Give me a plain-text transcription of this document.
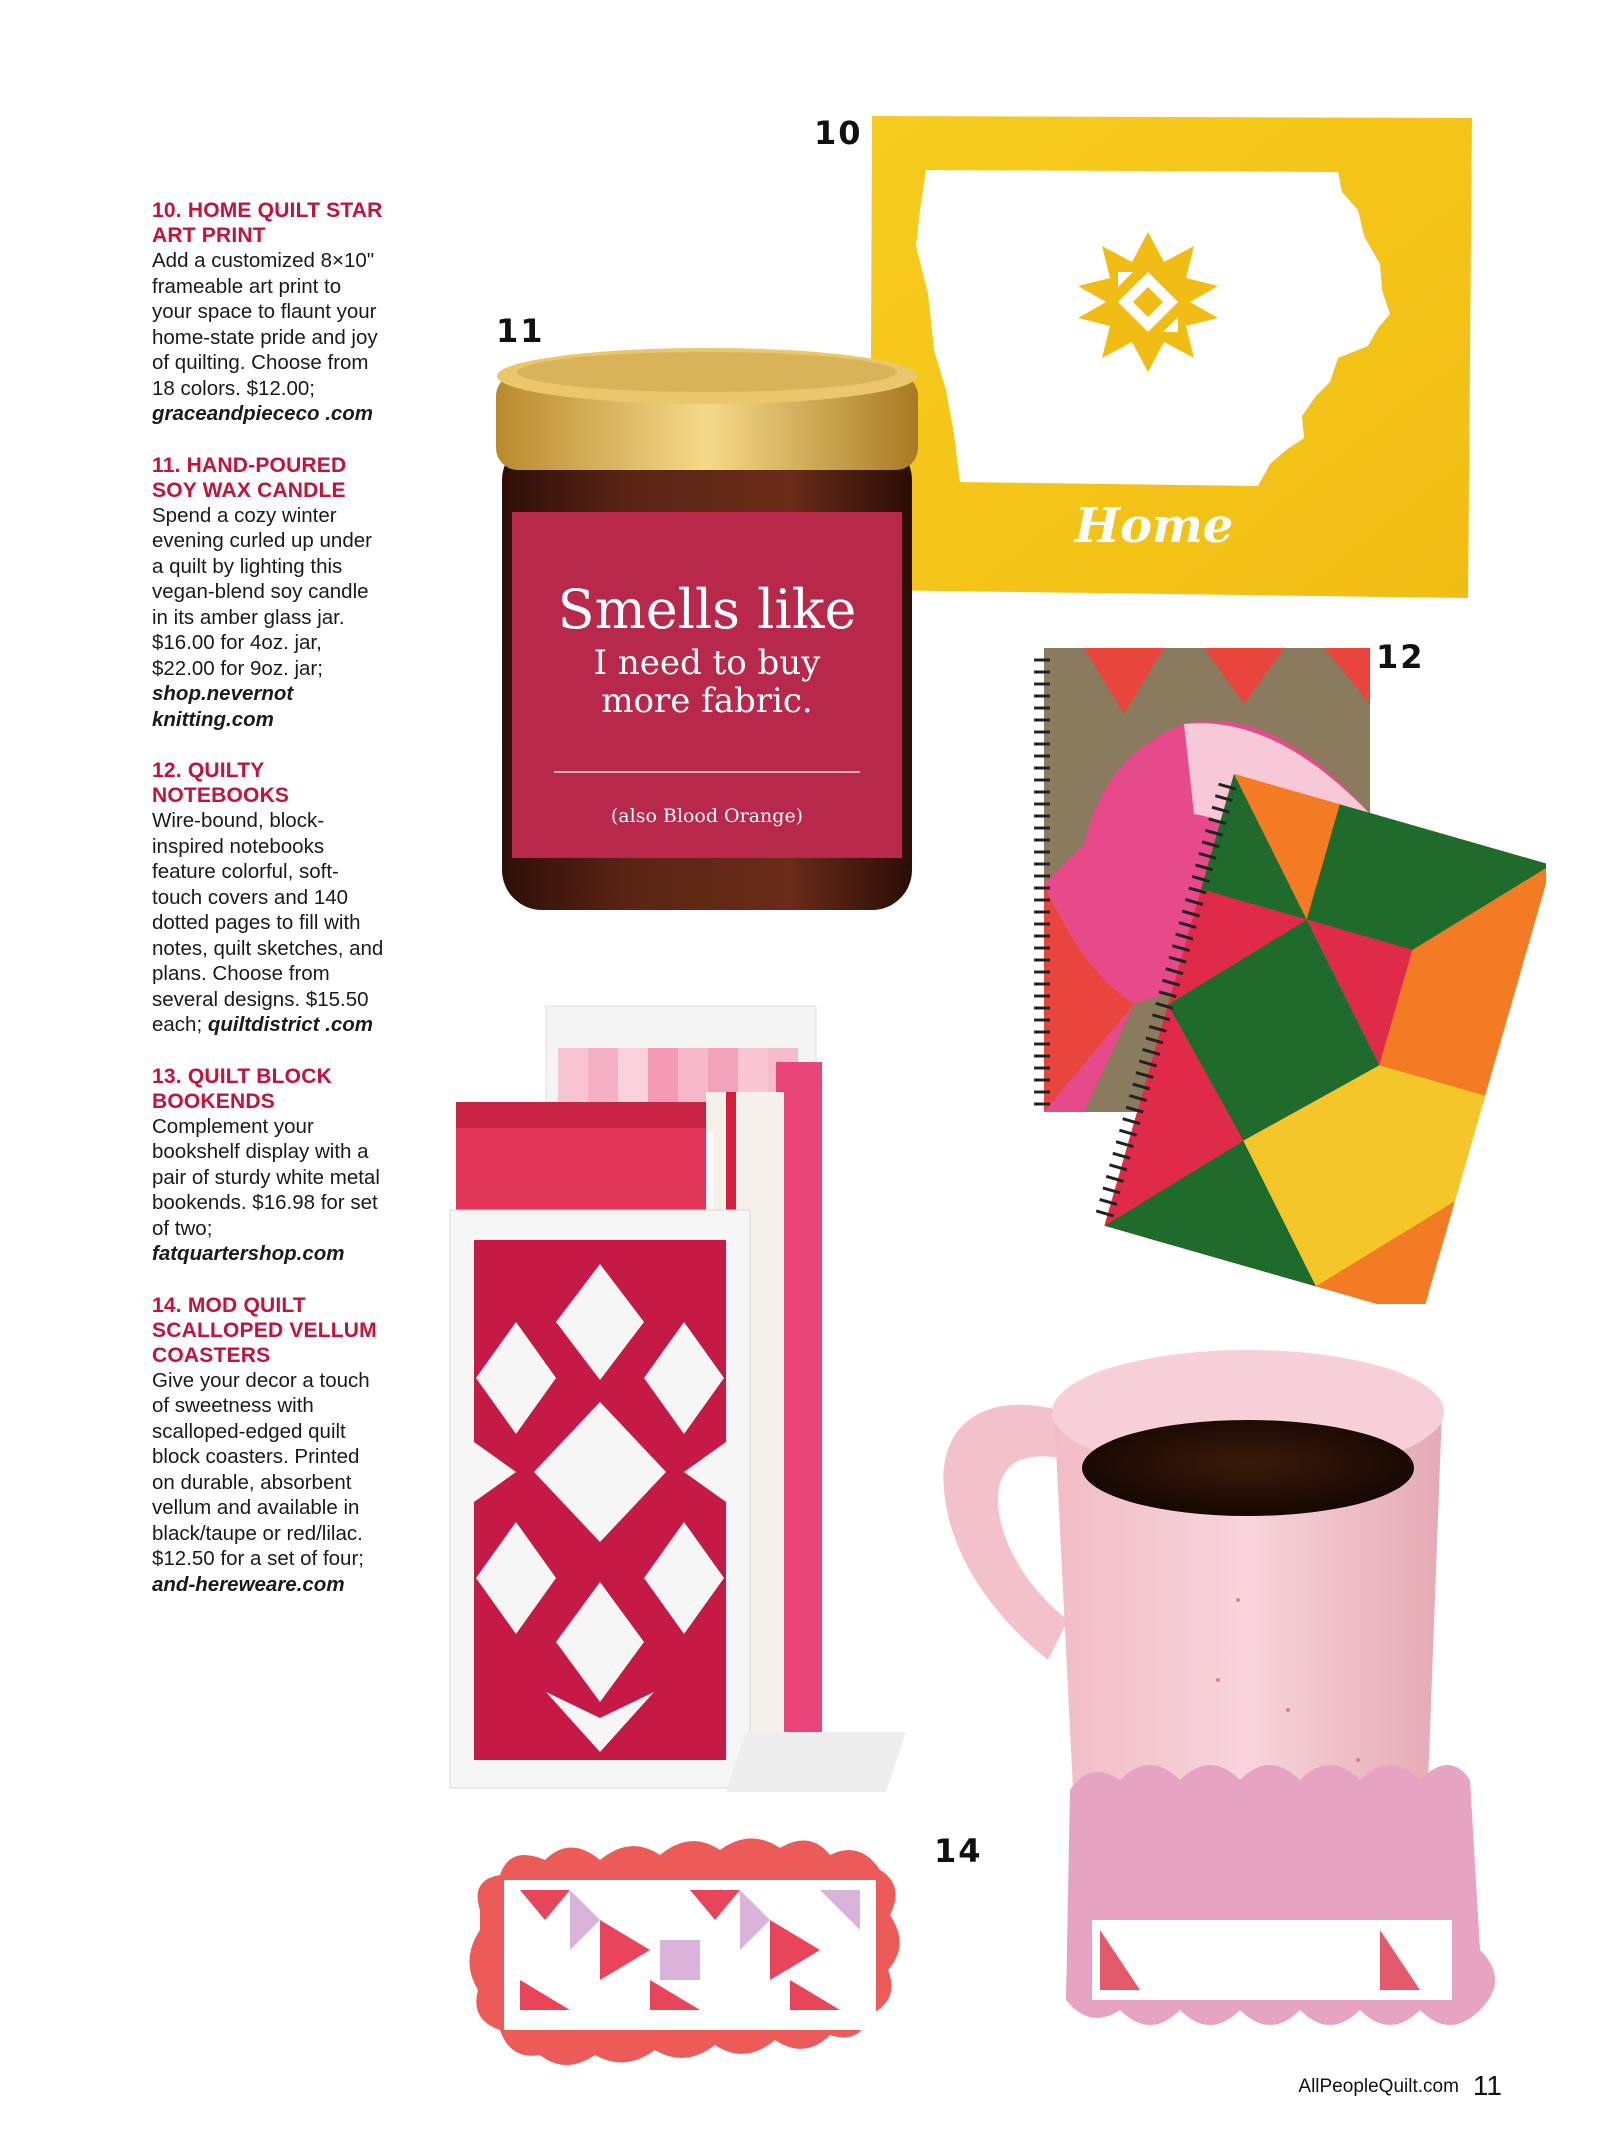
10. HOME QUILT STAR ART PRINT

Add a customized 8×10" frameable art print to your space to flaunt your home-state pride and joy of quilting. Choose from 18 colors. $12.00; graceandpiececo .com

11. HAND-POURED SOY WAX CANDLE

Spend a cozy winter evening curled up under a quilt by lighting this vegan-blend soy candle in its amber glass jar. $16.00 for 4oz. jar, $22.00 for 9oz. jar; shop.nevernot knitting.com

12. QUILTY NOTEBOOKS

Wire-bound, block-inspired notebooks feature colorful, soft-touch covers and 140 dotted pages to fill with notes, quilt sketches, and plans. Choose from several designs. $15.50 each; quiltdistrict .com

13. QUILT BLOCK BOOKENDS

Complement your bookshelf display with a pair of sturdy white metal bookends. $16.98 for set of two; fatquartershop.com

14. MOD QUILT SCALLOPED VELLUM COASTERS

Give your decor a touch of sweetness with scalloped-edged quilt block coasters. Printed on durable, absorbent vellum and available in black/taupe or red/lilac. $12.50 for a set of four; and-hereweare.com

10
11
12
14
Home
Smells like
I need to buy
more fabric.
(also Blood Orange)
AllPeopleQuilt.com 11
